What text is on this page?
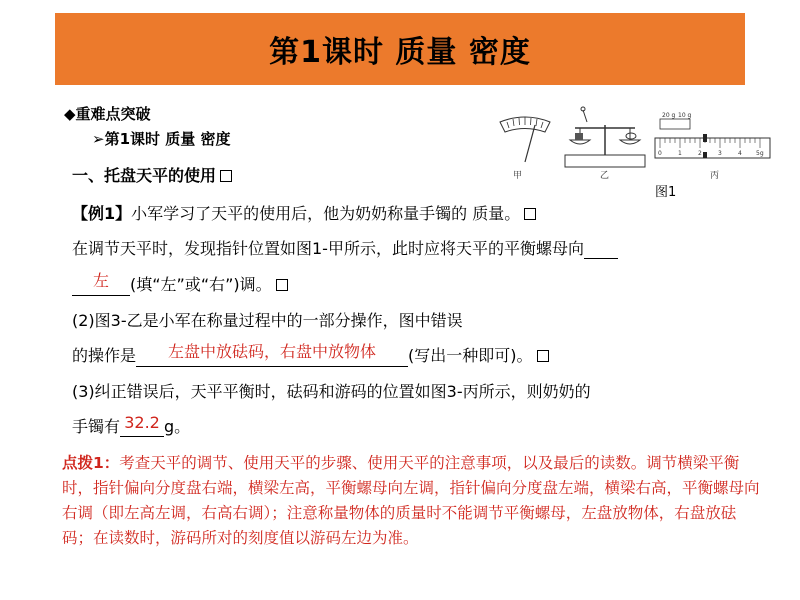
第1课时 质量 密度
◆重难点突破
➢第1课时 质量 密度
一、托盘天平的使用	甲	乙
20 g 10 g
0	1	2	3	4 5g
丙
图1
【例1】小军学习了天平的使用后，他为奶奶称量手镯的 质量。
在调节天平时，发现指针位置如图1-甲所示，此时应将天平的平衡螺母向
左 (填“左”或“右”)调。
(2)图3-乙是小军在称量过程中的一部分操作，图中错误
的操作是 左盘中放砝码，右盘中放物体 (写出一种即可)。
(3)纠正错误后，天平平衡时，砝码和游码的位置如图3-丙所示，则奶奶的
手镯有 32.2 g。
点拨1：考查天平的调节、使用天平的步骤、使用天平的注意事项，以及最后的读数。调节横梁平衡时，指针偏向分度盘右端，横梁左高，平衡螺母向左调，指针偏向分度盘左端，横梁右高，平衡螺母向右调（即左高左调，右高右调）；注意称量物体的质量时不能调节平衡螺母，左盘放物体，右盘放砝码；在读数时，游码所对的刻度值以游码左边为准。
